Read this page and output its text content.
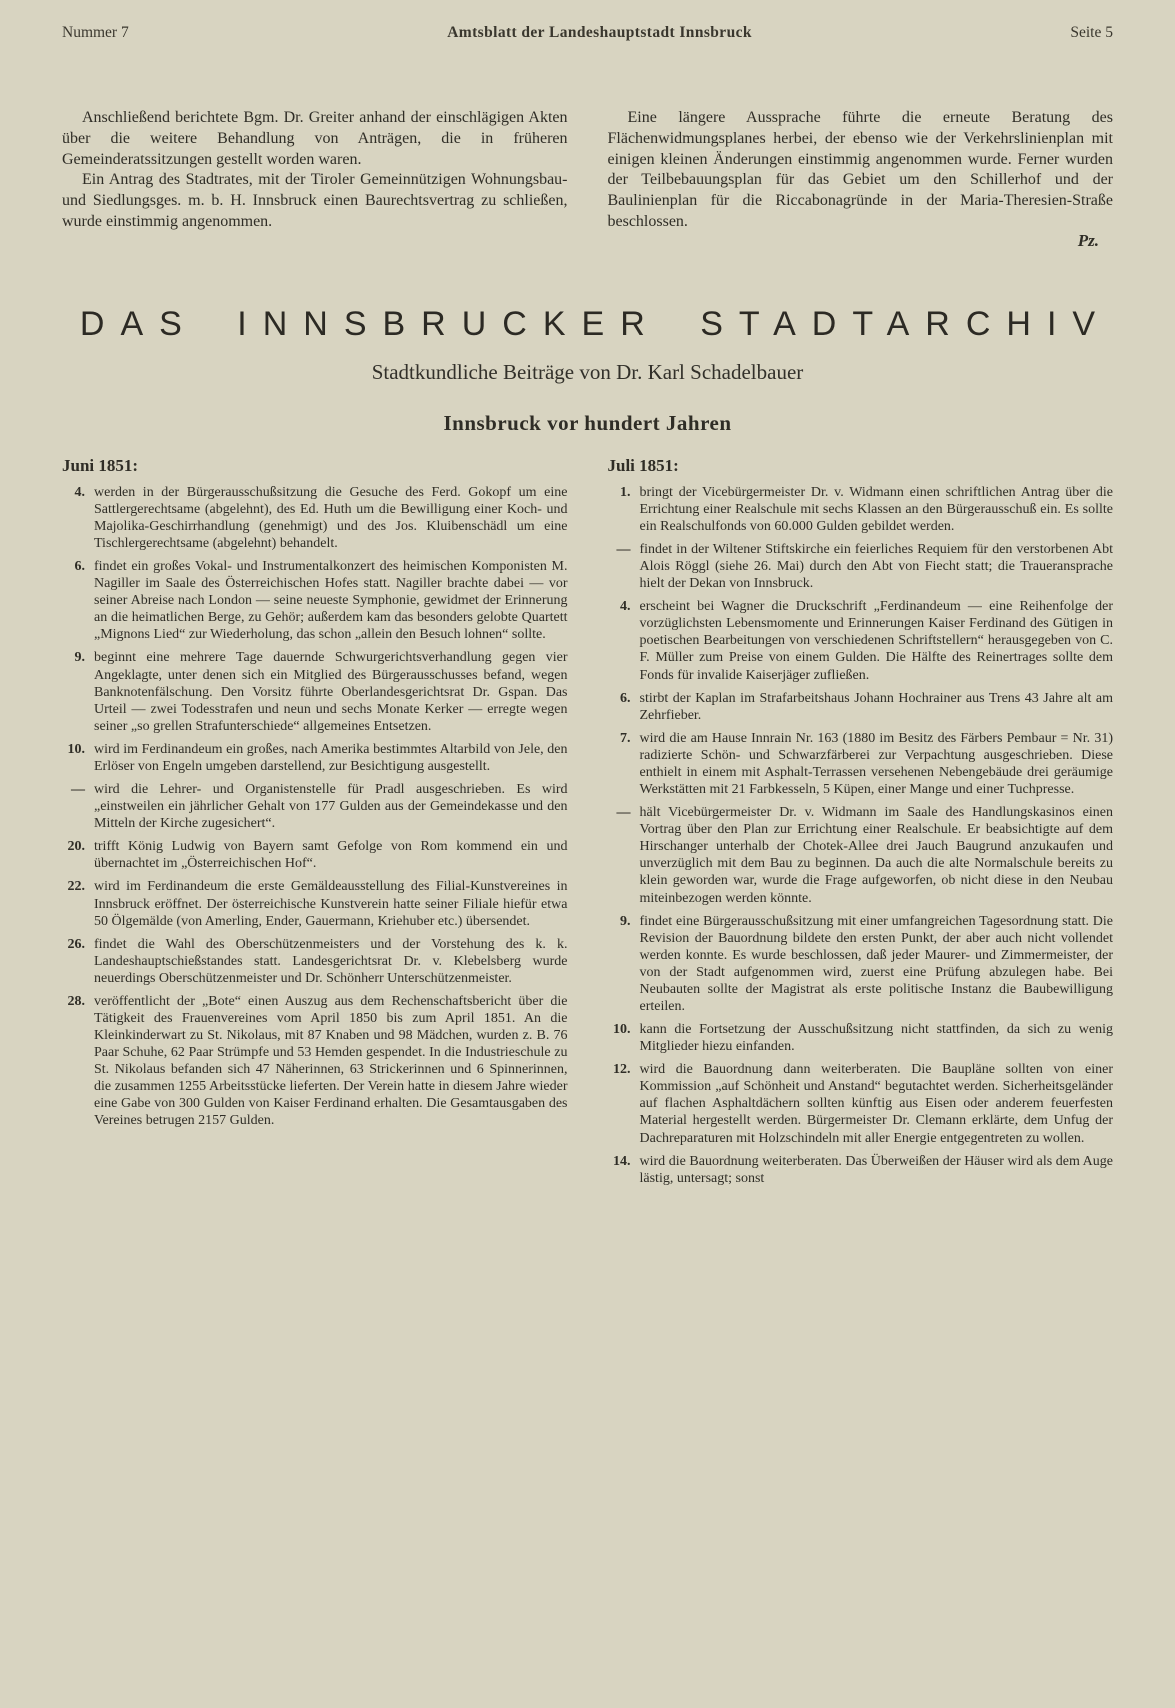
Nummer 7	Amtsblatt der Landeshauptstadt Innsbruck	Seite 5

Anschließend berichtete Bgm. Dr. Greiter anhand der einschlägigen Akten über die weitere Behandlung von Anträgen, die in früheren Gemeinderatssitzungen gestellt worden waren.

Ein Antrag des Stadtrates, mit der Tiroler Gemeinnützigen Wohnungsbau- und Siedlungsges. m. b. H. Innsbruck einen Baurechtsvertrag zu schließen, wurde einstimmig angenommen.

Eine längere Aussprache führte die erneute Beratung des Flächenwidmungsplanes herbei, der ebenso wie der Verkehrslinienplan mit einigen kleinen Änderungen einstimmig angenommen wurde. Ferner wurden der Teilbebauungsplan für das Gebiet um den Schillerhof und der Baulinienplan für die Riccabonagründe in der Maria-Theresien-Straße beschlossen.

Pz.
DAS INNSBRUCKER STADTARCHIV
Stadtkundliche Beiträge von Dr. Karl Schadelbauer
Innsbruck vor hundert Jahren
Juni 1851:
4. werden in der Bürgerausschußsitzung die Gesuche des Ferd. Gokopf um eine Sattlergerechtsame (abgelehnt), des Ed. Huth um die Bewilligung einer Koch- und Majolika-Geschirrhandlung (genehmigt) und des Jos. Kluibenschädl um eine Tischlergerechtsame (abgelehnt) behandelt.
6. findet ein großes Vokal- und Instrumentalkonzert des heimischen Komponisten M. Nagiller im Saale des Österreichischen Hofes statt. Nagiller brachte dabei — vor seiner Abreise nach London — seine neueste Symphonie, gewidmet der Erinnerung an die heimatlichen Berge, zu Gehör; außerdem kam das besonders gelobte Quartett „Mignons Lied“ zur Wiederholung, das schon „allein den Besuch lohnen“ sollte.
9. beginnt eine mehrere Tage dauernde Schwurgerichtsverhandlung gegen vier Angeklagte, unter denen sich ein Mitglied des Bürgerausschusses befand, wegen Banknotenfälschung. Den Vorsitz führte Oberlandesgerichtsrat Dr. Gspan. Das Urteil — zwei Todesstrafen und neun und sechs Monate Kerker — erregte wegen seiner „so grellen Strafunterschiede“ allgemeines Entsetzen.
10. wird im Ferdinandeum ein großes, nach Amerika bestimmtes Altarbild von Jele, den Erlöser von Engeln umgeben darstellend, zur Besichtigung ausgestellt.
— wird die Lehrer- und Organistenstelle für Pradl ausgeschrieben. Es wird „einstweilen ein jährlicher Gehalt von 177 Gulden aus der Gemeindekasse und den Mitteln der Kirche zugesichert“.
20. trifft König Ludwig von Bayern samt Gefolge von Rom kommend ein und übernachtet im „Österreichischen Hof“.
22. wird im Ferdinandeum die erste Gemäldeausstellung des Filial-Kunstvereines in Innsbruck eröffnet. Der österreichische Kunstverein hatte seiner Filiale hiefür etwa 50 Ölgemälde (von Amerling, Ender, Gauermann, Kriehuber etc.) übersendet.
26. findet die Wahl des Oberschützenmeisters und der Vorstehung des k. k. Landeshauptschießstandes statt. Landesgerichtsrat Dr. v. Klebelsberg wurde neuerdings Oberschützenmeister und Dr. Schönherr Unterschützenmeister.
28. veröffentlicht der „Bote“ einen Auszug aus dem Rechenschaftsbericht über die Tätigkeit des Frauenvereines vom April 1850 bis zum April 1851. An die Kleinkinderwart zu St. Nikolaus, mit 87 Knaben und 98 Mädchen, wurden z. B. 76 Paar Schuhe, 62 Paar Strümpfe und 53 Hemden gespendet. In die Industrieschule zu St. Nikolaus befanden sich 47 Näherinnen, 63 Strickerinnen und 6 Spinnerinnen, die zusammen 1255 Arbeitsstücke lieferten. Der Verein hatte in diesem Jahre wieder eine Gabe von 300 Gulden von Kaiser Ferdinand erhalten. Die Gesamtausgaben des Vereines betrugen 2157 Gulden.
Juli 1851:
1. bringt der Vicebürgermeister Dr. v. Widmann einen schriftlichen Antrag über die Errichtung einer Realschule mit sechs Klassen an den Bürgerausschuß ein. Es sollte ein Realschulfonds von 60.000 Gulden gebildet werden.
— findet in der Wiltener Stiftskirche ein feierliches Requiem für den verstorbenen Abt Alois Röggl (siehe 26. Mai) durch den Abt von Fiecht statt; die Traueransprache hielt der Dekan von Innsbruck.
4. erscheint bei Wagner die Druckschrift „Ferdinandeum — eine Reihenfolge der vorzüglichsten Lebensmomente und Erinnerungen Kaiser Ferdinand des Gütigen in poetischen Bearbeitungen von verschiedenen Schriftstellern“ herausgegeben von C. F. Müller zum Preise von einem Gulden. Die Hälfte des Reinertrages sollte dem Fonds für invalide Kaiserjäger zufließen.
6. stirbt der Kaplan im Strafarbeitshaus Johann Hochrainer aus Trens 43 Jahre alt am Zehrfieber.
7. wird die am Hause Innrain Nr. 163 (1880 im Besitz des Färbers Pembaur = Nr. 31) radizierte Schön- und Schwarzfärberei zur Verpachtung ausgeschrieben. Diese enthielt in einem mit Asphalt-Terrassen versehenen Nebengebäude drei geräumige Werkstätten mit 21 Farbkesseln, 5 Küpen, einer Mange und einer Tuchpresse.
— hält Vicebürgermeister Dr. v. Widmann im Saale des Handlungskasinos einen Vortrag über den Plan zur Errichtung einer Realschule. Er beabsichtigte auf dem Hirschanger unterhalb der Chotek-Allee drei Jauch Baugrund anzukaufen und unverzüglich mit dem Bau zu beginnen. Da auch die alte Normalschule bereits zu klein geworden war, wurde die Frage aufgeworfen, ob nicht diese in den Neubau miteinbezogen werden könnte.
9. findet eine Bürgerausschußsitzung mit einer umfangreichen Tagesordnung statt. Die Revision der Bauordnung bildete den ersten Punkt, der aber auch nicht vollendet werden konnte. Es wurde beschlossen, daß jeder Maurer- und Zimmermeister, der von der Stadt aufgenommen wird, zuerst eine Prüfung abzulegen habe. Bei Neubauten sollte der Magistrat als erste politische Instanz die Baubewilligung erteilen.
10. kann die Fortsetzung der Ausschußsitzung nicht stattfinden, da sich zu wenig Mitglieder hiezu einfanden.
12. wird die Bauordnung dann weiterberaten. Die Baupläne sollten von einer Kommission „auf Schönheit und Anstand“ begutachtet werden. Sicherheitsgeländer auf flachen Asphaltdächern sollten künftig aus Eisen oder anderem feuerfesten Material hergestellt werden. Bürgermeister Dr. Clemann erklärte, dem Unfug der Dachreparaturen mit Holzschindeln mit aller Energie entgegentreten zu wollen.
14. wird die Bauordnung weiterberaten. Das Überweißen der Häuser wird als dem Auge lästig, untersagt; sonst
